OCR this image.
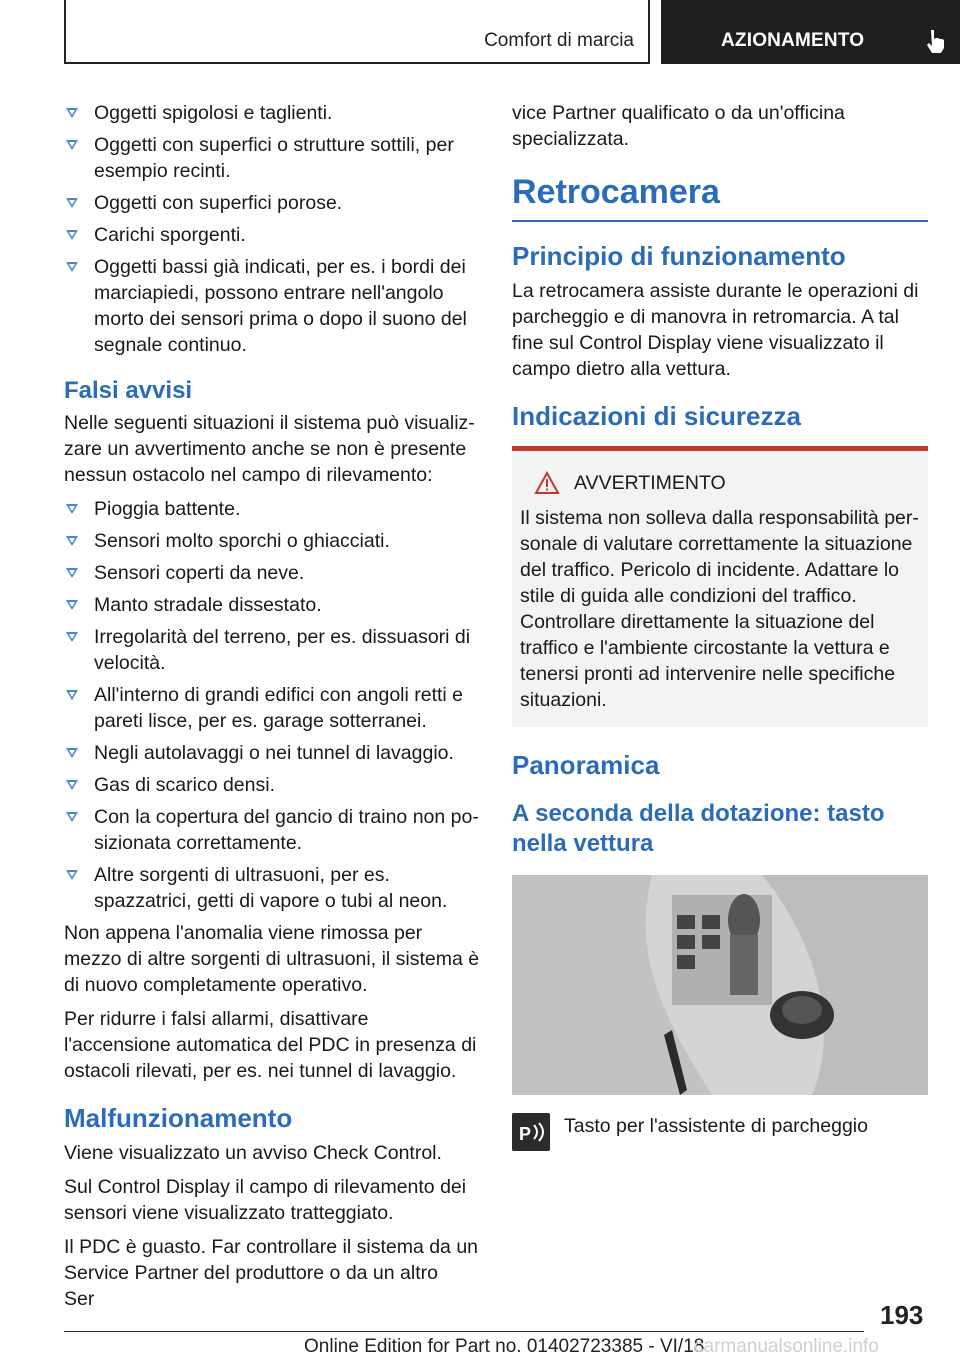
Comfort di marcia	AZIONAMENTO
Oggetti spigolosi e taglienti.
Oggetti con superfici o strutture sottili, per esempio recinti.
Oggetti con superfici porose.
Carichi sporgenti.
Oggetti bassi già indicati, per es. i bordi dei marciapiedi, possono entrare nell'angolo morto dei sensori prima o dopo il suono del segnale continuo.
Falsi avvisi

Nelle seguenti situazioni il sistema può visualizzare un avvertimento anche se non è presente nessun ostacolo nel campo di rilevamento:

Pioggia battente.
Sensori molto sporchi o ghiacciati.
Sensori coperti da neve.
Manto stradale dissestato.
Irregolarità del terreno, per es. dissuasori di velocità.
All'interno di grandi edifici con angoli retti e pareti lisce, per es. garage sotterranei.
Negli autolavaggi o nei tunnel di lavaggio.
Gas di scarico densi.
Con la copertura del gancio di traino non posizionata correttamente.
Altre sorgenti di ultrasuoni, per es. spazzatrici, getti di vapore o tubi al neon.

Non appena l'anomalia viene rimossa per mezzo di altre sorgenti di ultrasuoni, il sistema è di nuovo completamente operativo.

Per ridurre i falsi allarmi, disattivare l'accensione automatica del PDC in presenza di ostacoli rilevati, per es. nei tunnel di lavaggio.

Malfunzionamento

Viene visualizzato un avviso Check Control.

Sul Control Display il campo di rilevamento dei sensori viene visualizzato tratteggiato.

Il PDC è guasto. Far controllare il sistema da un Service Partner del produttore o da un altro Ser

vice Partner qualificato o da un'officina specializzata.

Retrocamera
Principio di funzionamento

La retrocamera assiste durante le operazioni di parcheggio e di manovra in retromarcia. A tal fine sul Control Display viene visualizzato il campo dietro alla vettura.

Indicazioni di sicurezza
AVVERTIMENTO

Il sistema non solleva dalla responsabilità personale di valutare correttamente la situazione del traffico. Pericolo di incidente. Adattare lo stile di guida alle condizioni del traffico. Controllare direttamente la situazione del traffico e l'ambiente circostante la vettura e tenersi pronti ad intervenire nelle specifiche situazioni.

Panoramica
A seconda della dotazione: tasto nella vettura
P Tasto per l'assistente di parcheggio

193
Online Edition for Part no. 01402723385 - VI/18
carmanualsonline.info
